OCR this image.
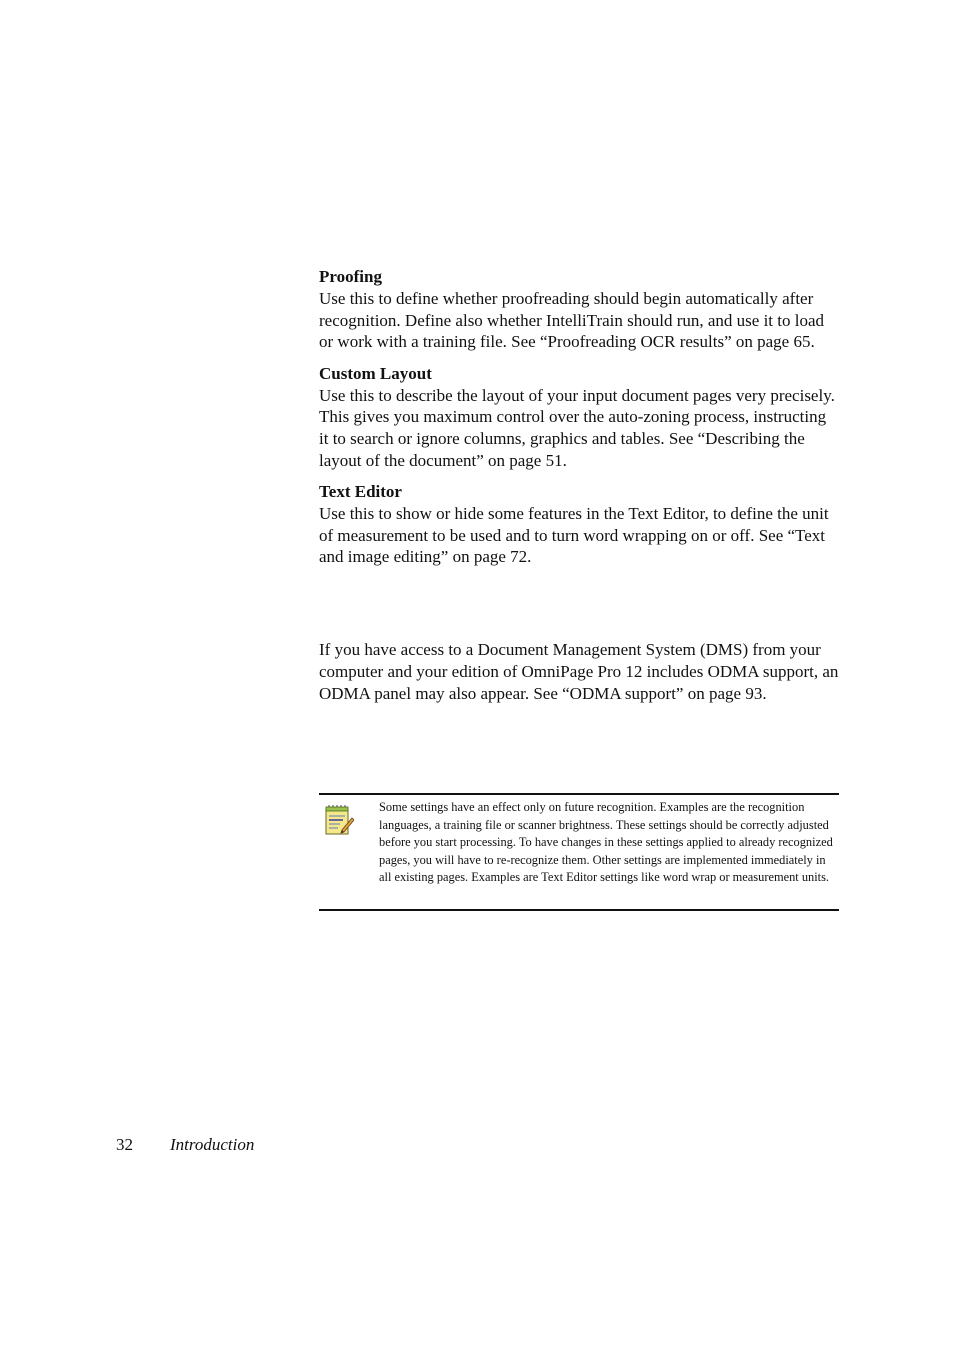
Proofing

Use this to define whether proofreading should begin automatically after recognition. Define also whether IntelliTrain should run, and use it to load or work with a training file. See “Proofreading OCR results” on page 65.

Custom Layout

Use this to describe the layout of your input document pages very precisely. This gives you maximum control over the auto-zoning process, instructing it to search or ignore columns, graphics and tables. See “Describing the layout of the document” on page 51.

Text Editor

Use this to show or hide some features in the Text Editor, to define the unit of measurement to be used and to turn word wrapping on or off. See “Text and image editing” on page 72.

If you have access to a Document Management System (DMS) from your computer and your edition of OmniPage Pro 12 includes ODMA support, an ODMA panel may also appear. See “ODMA support” on page 93.

Some settings have an effect only on future recognition. Examples are the recognition languages, a training file or scanner brightness. These settings should be correctly adjusted before you start processing. To have changes in these settings applied to already recognized pages, you will have to re-recognize them. Other settings are implemented immediately in all existing pages. Examples are Text Editor settings like word wrap or measurement units.

32 Introduction
